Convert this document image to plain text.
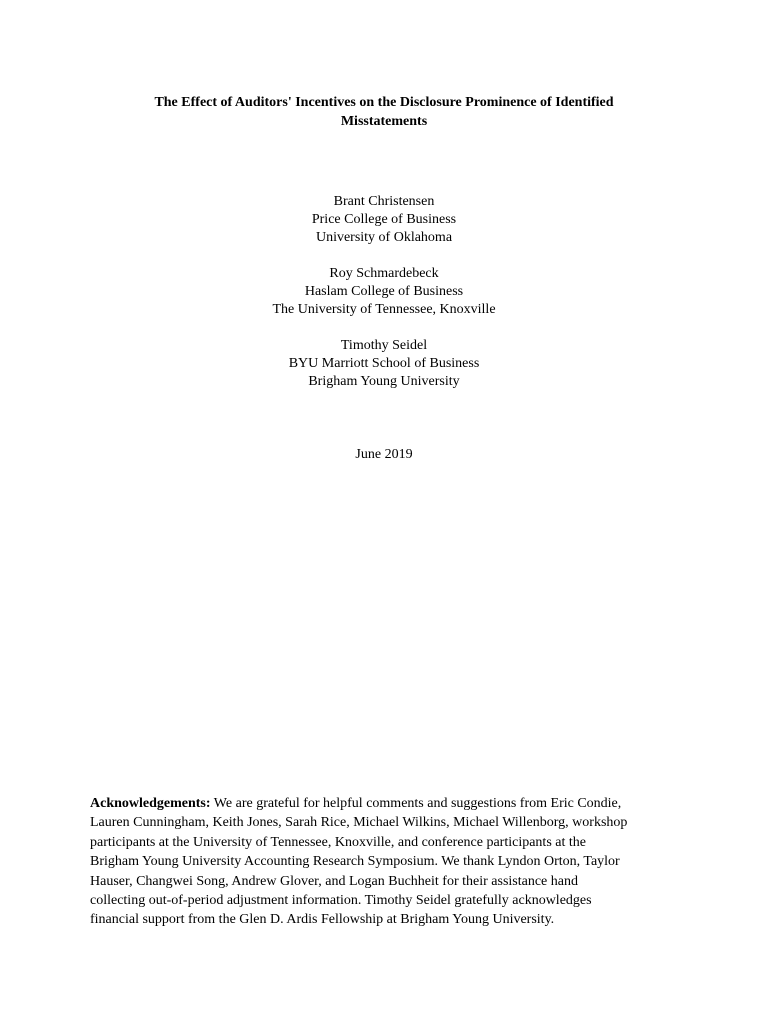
The Effect of Auditors' Incentives on the Disclosure Prominence of Identified
Misstatements
Brant Christensen
Price College of Business
University of Oklahoma
Roy Schmardebeck
Haslam College of Business
The University of Tennessee, Knoxville
Timothy Seidel
BYU Marriott School of Business
Brigham Young University
June 2019
Acknowledgements: We are grateful for helpful comments and suggestions from Eric Condie,
Lauren Cunningham, Keith Jones, Sarah Rice, Michael Wilkins, Michael Willenborg, workshop
participants at the University of Tennessee, Knoxville, and conference participants at the
Brigham Young University Accounting Research Symposium. We thank Lyndon Orton, Taylor
Hauser, Changwei Song, Andrew Glover, and Logan Buchheit for their assistance hand
collecting out-of-period adjustment information. Timothy Seidel gratefully acknowledges
financial support from the Glen D. Ardis Fellowship at Brigham Young University.
